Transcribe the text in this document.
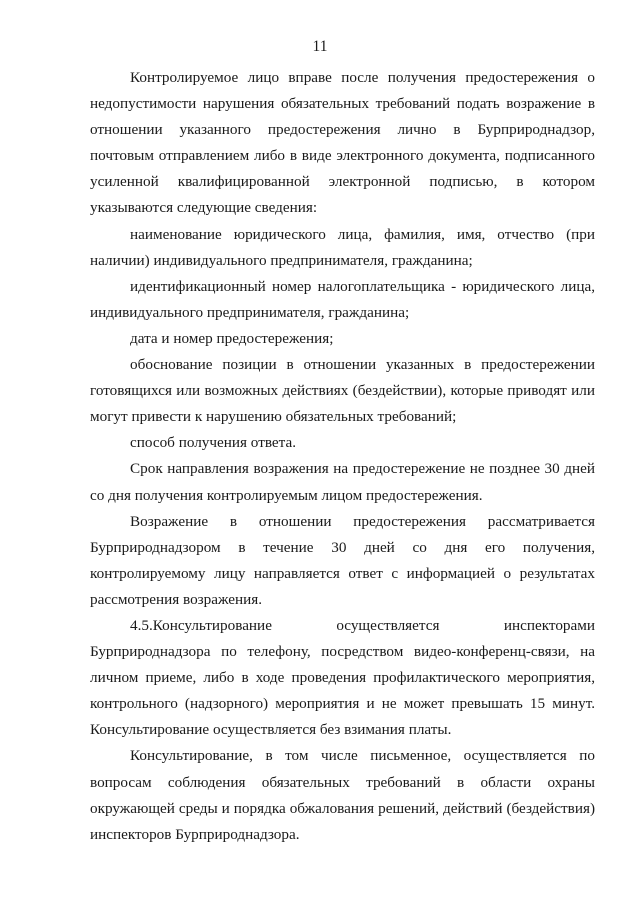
11

Контролируемое лицо вправе после получения предостережения о недопустимости нарушения обязательных требований подать возражение в отношении указанного предостережения лично в Бурприроднадзор, почтовым отправлением либо в виде электронного документа, подписанного усиленной квалифицированной электронной подписью, в котором указываются следующие сведения:

наименование юридического лица, фамилия, имя, отчество (при наличии) индивидуального предпринимателя, гражданина;

идентификационный номер налогоплательщика - юридического лица, индивидуального предпринимателя, гражданина;

дата и номер предостережения;

обоснование позиции в отношении указанных в предостережении готовящихся или возможных действиях (бездействии), которые приводят или могут привести к нарушению обязательных требований;

способ получения ответа.

Срок направления возражения на предостережение не позднее 30 дней со дня получения контролируемым лицом предостережения.

Возражение в отношении предостережения рассматривается Бурприроднадзором в течение 30 дней со дня его получения, контролируемому лицу направляется ответ с информацией о результатах рассмотрения возражения.

4.5.Консультирование осуществляется инспекторами Бурприроднадзора по телефону, посредством видео-конференц-связи, на личном приеме, либо в ходе проведения профилактического мероприятия, контрольного (надзорного) мероприятия и не может превышать 15 минут. Консультирование осуществляется без взимания платы.

Консультирование, в том числе письменное, осуществляется по вопросам соблюдения обязательных требований в области охраны окружающей среды и порядка обжалования решений, действий (бездействия) инспекторов Бурприроднадзора.
